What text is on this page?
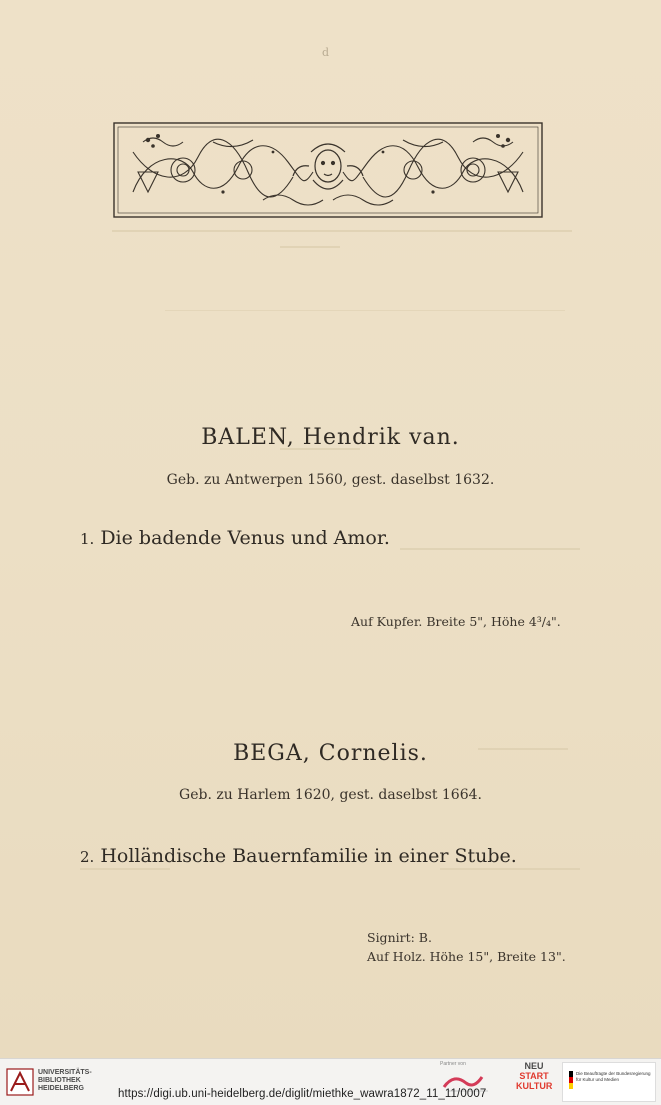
d
BALEN, Hendrik van.
Geb. zu Antwerpen 1560, gest. daselbst 1632.
1. Die badende Venus und Amor.
Auf Kupfer. Breite 5", Höhe 4³/₄".
BEGA, Cornelis.
Geb. zu Harlem 1620, gest. daselbst 1664.
2. Holländische Bauernfamilie in einer Stube.
Signirt: B.
Auf Holz. Höhe 15", Breite 13".
UNIVERSITÄTS-
BIBLIOTHEK
HEIDELBERG
Partner von	NEU
START
KULTUR
Die Beauftragte der Bundesregierung für Kultur und Medien
https://digi.ub.uni-heidelberg.de/diglit/miethke_wawra1872_11_11/0007
